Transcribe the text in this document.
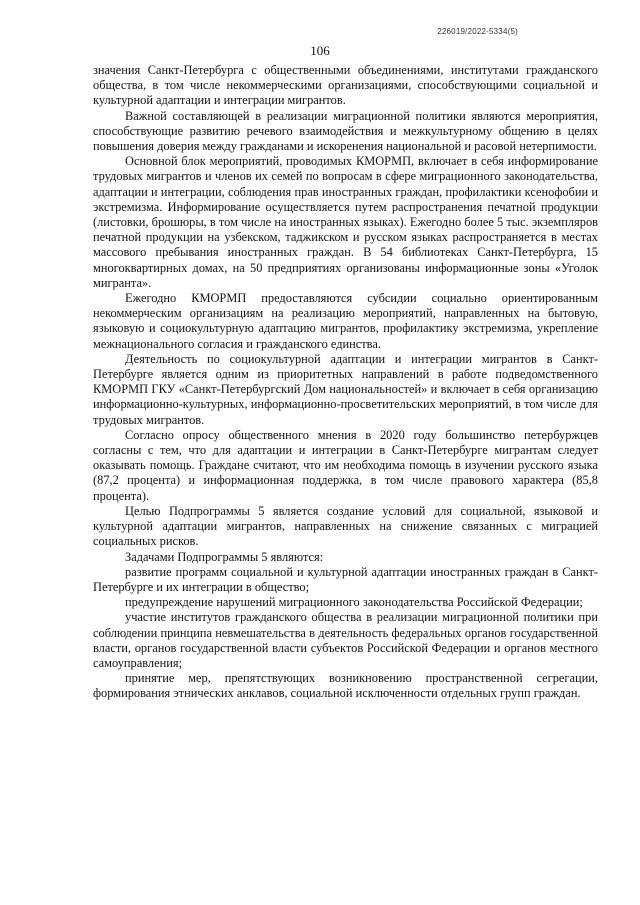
226019/2022-5334(5)
106

значения Санкт-Петербурга с общественными объединениями, институтами гражданского общества, в том числе некоммерческими организациями, способствующими социальной и культурной адаптации и интеграции мигрантов.

Важной составляющей в реализации миграционной политики являются мероприятия, способствующие развитию речевого взаимодействия и межкультурному общению в целях повышения доверия между гражданами и искоренения национальной и расовой нетерпимости.

Основной блок мероприятий, проводимых КМОРМП, включает в себя информирование трудовых мигрантов и членов их семей по вопросам в сфере миграционного законодательства, адаптации и интеграции, соблюдения прав иностранных граждан, профилактики ксенофобии и экстремизма. Информирование осуществляется путем распространения печатной продукции (листовки, брошюры, в том числе на иностранных языках). Ежегодно более 5 тыс. экземпляров печатной продукции на узбекском, таджикском и русском языках распространяется в местах массового пребывания иностранных граждан. В 54 библиотеках Санкт-Петербурга, 15 многоквартирных домах, на 50 предприятиях организованы информационные зоны «Уголок мигранта».

Ежегодно КМОРМП предоставляются субсидии социально ориентированным некоммерческим организациям на реализацию мероприятий, направленных на бытовую, языковую и социокультурную адаптацию мигрантов, профилактику экстремизма, укрепление межнационального согласия и гражданского единства.

Деятельность по социокультурной адаптации и интеграции мигрантов в Санкт-Петербурге является одним из приоритетных направлений в работе подведомственного КМОРМП ГКУ «Санкт-Петербургский Дом национальностей» и включает в себя организацию информационно-культурных, информационно-просветительских мероприятий, в том числе для трудовых мигрантов.

Согласно опросу общественного мнения в 2020 году большинство петербуржцев согласны с тем, что для адаптации и интеграции в Санкт-Петербурге мигрантам следует оказывать помощь. Граждане считают, что им необходима помощь в изучении русского языка (87,2 процента) и информационная поддержка, в том числе правового характера (85,8 процента).

Целью Подпрограммы 5 является создание условий для социальной, языковой и культурной адаптации мигрантов, направленных на снижение связанных с миграцией социальных рисков.

Задачами Подпрограммы 5 являются:

развитие программ социальной и культурной адаптации иностранных граждан в Санкт-Петербурге и их интеграции в общество;

предупреждение нарушений миграционного законодательства Российской Федерации;

участие институтов гражданского общества в реализации миграционной политики при соблюдении принципа невмешательства в деятельность федеральных органов государственной власти, органов государственной власти субъектов Российской Федерации и органов местного самоуправления;

принятие мер, препятствующих возникновению пространственной сегрегации, формирования этнических анклавов, социальной исключенности отдельных групп граждан.
